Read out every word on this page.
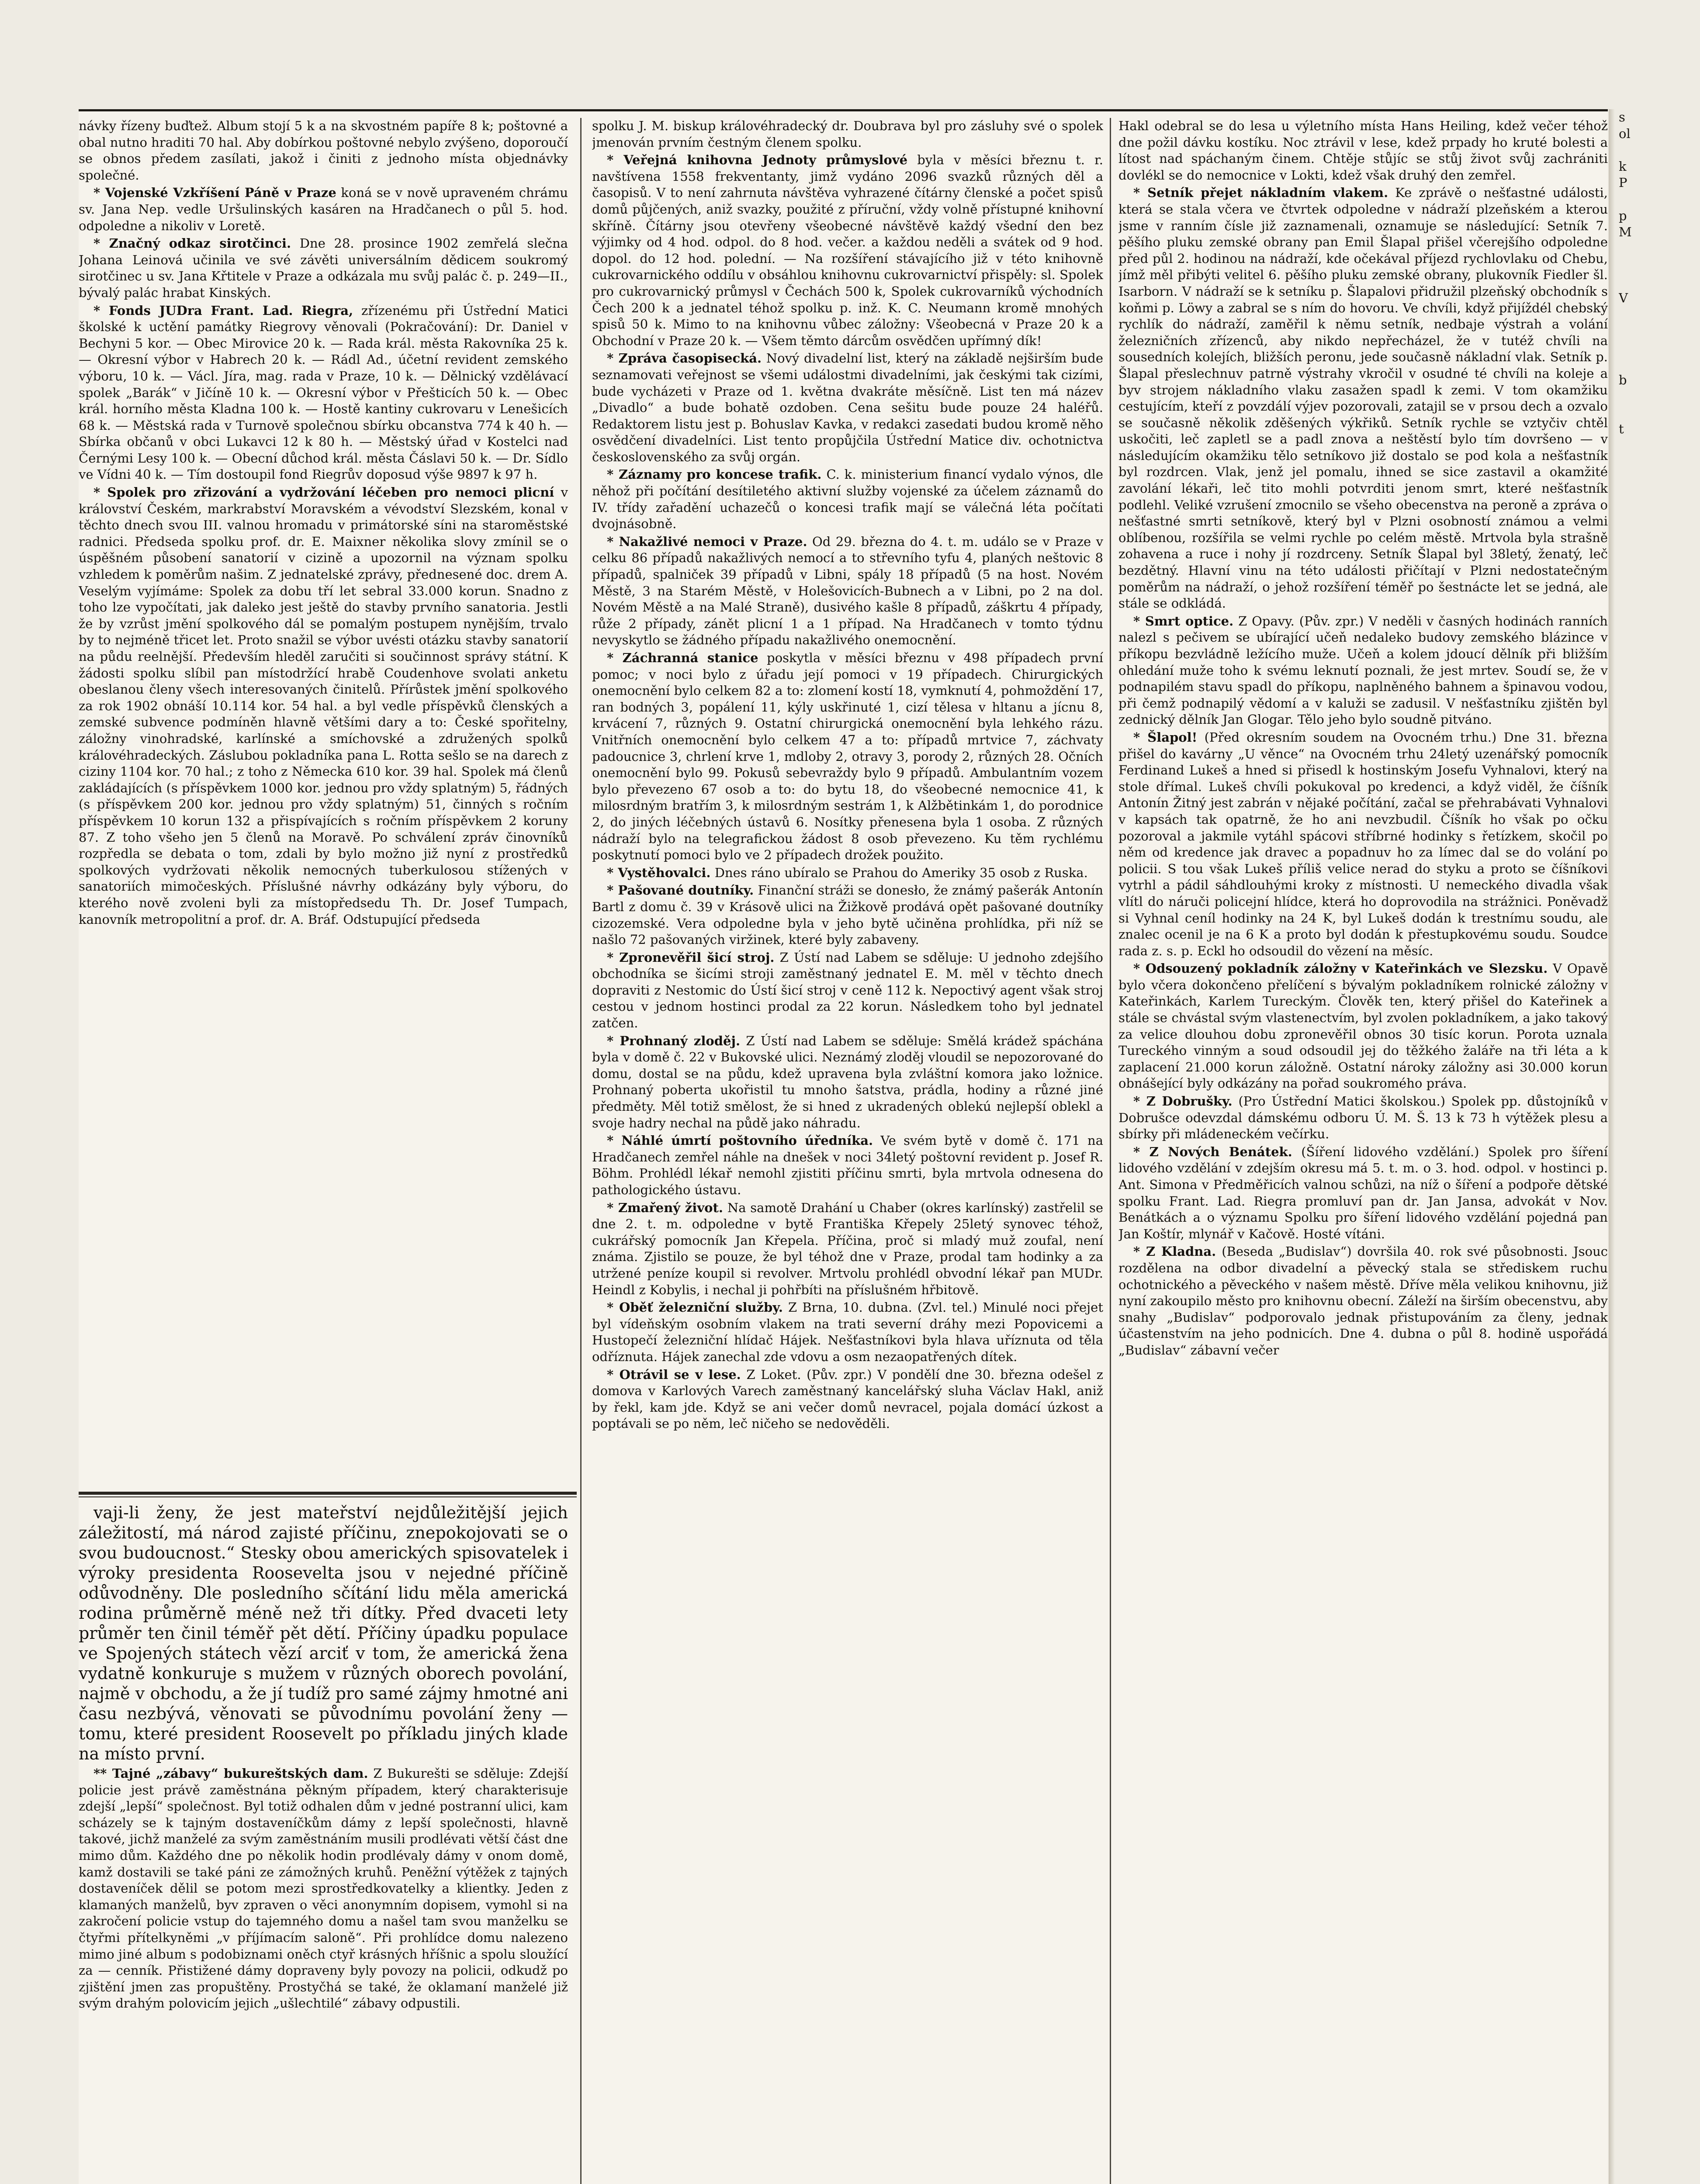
návky řízeny buďtež. Album stojí 5 k a na skvostném papíře 8 k; poštovné a obal nutno hraditi 70 hal. Aby dobírkou poštovné nebylo zvýšeno, doporoučí se obnos předem zasílati, jakož i činiti z jednoho místa objednávky společné.

* Vojenské Vzkříšení Páně v Praze koná se v nově upraveném chrámu sv. Jana Nep. vedle Uršulinských kasáren na Hradčanech o půl 5. hod. odpoledne a nikoliv v Loretě.

* Značný odkaz sirotčinci. Dne 28. prosince 1902 zemřelá slečna Johana Leinová učinila ve své závěti universálním dědicem soukromý sirotčinec u sv. Jana Křtitele v Praze a odkázala mu svůj palác č. p. 249—II., bývalý palác hrabat Kinských.

* Fonds JUDra Frant. Lad. Riegra, zřízenému při Ústřední Matici školské k uctění památky Riegrovy věnovali (Pokračování): Dr. Daniel v Bechyni 5 kor. — Obec Mirovice 20 k. — Rada král. města Rakovníka 25 k. — Okresní výbor v Habrech 20 k. — Rádl Ad., účetní revident zemského výboru, 10 k. — Václ. Jíra, mag. rada v Praze, 10 k. — Dělnický vzdělávací spolek „Barák“ v Jičíně 10 k. — Okresní výbor v Přešticích 50 k. — Obec král. horního města Kladna 100 k. — Hostě kantiny cukrovaru v Lenešicích 68 k. — Městská rada v Turnově společnou sbírku obcanstva 774 k 40 h. — Sbírka občanů v obci Lukavci 12 k 80 h. — Městský úřad v Kostelci nad Černými Lesy 100 k. — Obecní důchod král. města Čáslavi 50 k. — Dr. Sídlo ve Vídni 40 k. — Tím dostoupil fond Riegrův doposud výše 9897 k 97 h.

* Spolek pro zřizování a vydržování léčeben pro nemoci plicní v království Českém, markrabství Moravském a vévodství Slezském, konal v těchto dnech svou III. valnou hromadu v primátorské síni na staroměstské radnici. Předseda spolku prof. dr. E. Maixner několika slovy zmínil se o úspěšném působení sanatorií v cizině a upozornil na význam spolku vzhledem k poměrům našim. Z jednatelské zprávy, přednesené doc. drem A. Veselým vyjímáme: Spolek za dobu tří let sebral 33.000 korun. Snadno z toho lze vypočítati, jak daleko jest ještě do stavby prvního sanatoria. Jestli že by vzrůst jmění spolkového dál se pomalým postupem nynějším, trvalo by to nejméně třicet let. Proto snažil se výbor uvésti otázku stavby sanatorií na půdu reelnější. Především hleděl zaručiti si součinnost správy státní. K žádosti spolku slíbil pan místodržící hrabě Coudenhove svolati anketu obeslanou členy všech interesovaných činitelů. Přírůstek jmění spolkového za rok 1902 obnáší 10.114 kor. 54 hal. a byl vedle příspěvků členských a zemské subvence podmíněn hlavně většími dary a to: České spořitelny, záložny vinohradské, karlínské a smíchovské a združených spolků královéhradeckých. Záslubou pokladníka pana L. Rotta sešlo se na darech z ciziny 1104 kor. 70 hal.; z toho z Německa 610 kor. 39 hal. Spolek má členů zakládajících (s příspěvkem 1000 kor. jednou pro vždy splatným) 5, řádných (s příspěvkem 200 kor. jednou pro vždy splatným) 51, činných s ročním příspěvkem 10 korun 132 a přispívajících s ročním příspěvkem 2 koruny 87. Z toho všeho jen 5 členů na Moravě. Po schválení zpráv činovníků rozpředla se debata o tom, zdali by bylo možno již nyní z prostředků spolkových vydržovati několik nemocných tuberkulosou stížených v sanatoriích mimočeských. Příslušné návrhy odkázány byly výboru, do kterého nově zvoleni byli za místopředsedu Th. Dr. Josef Tumpach, kanovník metropolitní a prof. dr. A. Bráf. Odstupující předseda

vaji-li ženy, že jest mateřství nejdůležitější jejich záležitostí, má národ zajisté příčinu, znepokojovati se o svou budoucnost.“ Stesky obou amerických spisovatelek i výroky presidenta Roosevelta jsou v nejedné příčině odůvodněny. Dle posledního sčítání lidu měla americká rodina průměrně méně než tři dítky. Před dvaceti lety průměr ten činil téměř pět dětí. Příčiny úpadku populace ve Spojených státech vězí arciť v tom, že americká žena vydatně konkuruje s mužem v různých oborech povolání, najmě v obchodu, a že jí tudíž pro samé zájmy hmotné ani času nezbývá, věnovati se původnímu povolání ženy — tomu, které president Roosevelt po příkladu jiných klade na místo první.

** Tajné „zábavy“ bukureštských dam. Z Bukurešti se sděluje: Zdejší policie jest právě zaměstnána pěkným případem, který charakterisuje zdejší „lepší“ společnost. Byl totiž odhalen dům v jedné postranní ulici, kam scházely se k tajným dostaveníčkům dámy z lepší společnosti, hlavně takové, jichž manželé za svým zaměstnáním musili prodlévati větší část dne mimo dům. Každého dne po několik hodin prodlévaly dámy v onom domě, kamž dostavili se také páni ze zámožných kruhů. Peněžní výtěžek z tajných dostaveníček dělil se potom mezi sprostředkovatelky a klientky. Jeden z klamaných manželů, byv zpraven o věci anonymním dopisem, vymohl si na zakročení policie vstup do tajemného domu a našel tam svou manželku se čtyřmi přítelkyněmi „v příjímacím saloně“. Při prohlídce domu nalezeno mimo jiné album s podobiznami oněch ctyř krásných hříšnic a spolu sloužící za — cenník. Přistižené dámy dopraveny byly povozy na policii, odkudž po zjištění jmen zas propuštěny. Prostyčhá se také, že oklamaní manželé již svým drahým polovicím jejich „ušlechtilé“ zábavy odpustili.

spolku J. M. biskup královéhradecký dr. Doubrava byl pro zásluhy své o spolek jmenován prvním čestným členem spolku.

* Veřejná knihovna Jednoty průmyslové byla v měsíci březnu t. r. navštívena 1558 frekventanty, jimž vydáno 2096 svazků různých děl a časopisů. V to není zahrnuta návštěva vyhrazené čítárny členské a počet spisů domů půjčených, aniž svazky, použité z příruční, vždy volně přístupné knihovní skříně. Čítárny jsou otevřeny všeobecné návštěvě každý všední den bez výjimky od 4 hod. odpol. do 8 hod. večer. a každou neděli a svátek od 9 hod. dopol. do 12 hod. polední. — Na rozšíření stávajícího již v této knihovně cukrovarnického oddílu v obsáhlou knihovnu cukrovarnictví přispěly: sl. Spolek pro cukrovarnický průmysl v Čechách 500 k, Spolek cukrovarníků východních Čech 200 k a jednatel téhož spolku p. inž. K. C. Neumann kromě mnohých spisů 50 k. Mimo to na knihovnu vůbec záložny: Všeobecná v Praze 20 k a Obchodní v Praze 20 k. — Všem těmto dárcům osvědčen upřímný dík!

* Zpráva časopisecká. Nový divadelní list, který na základě nejširším bude seznamovati veřejnost se všemi událostmi divadelními, jak českými tak cizími, bude vycházeti v Praze od 1. května dvakráte měsíčně. List ten má název „Divadlo“ a bude bohatě ozdoben. Cena sešitu bude pouze 24 haléřů. Redaktorem listu jest p. Bohuslav Kavka, v redakci zasedati budou kromě něho osvědčení divadelníci. List tento propůjčila Ústřední Matice div. ochotnictva československého za svůj orgán.

* Záznamy pro koncese trafik. C. k. ministerium financí vydalo výnos, dle něhož při počítání desítiletého aktivní služby vojenské za účelem záznamů do IV. třídy zařadění uchazečů o koncesi trafik mají se válečná léta počítati dvojnásobně.

* Nakažlivé nemoci v Praze. Od 29. března do 4. t. m. událo se v Praze v celku 86 případů nakažlivých nemocí a to střevního tyfu 4, planých neštovic 8 případů, spalniček 39 případů v Libni, spály 18 případů (5 na host. Novém Městě, 3 na Starém Městě, v Holešovicích-Bubnech a v Libni, po 2 na dol. Novém Městě a na Malé Straně), dusivého kašle 8 případů, záškrtu 4 případy, růže 2 případy, zánět plicní 1 a 1 případ. Na Hradčanech v tomto týdnu nevyskytlo se žádného případu nakažlivého onemocnění.

* Záchranná stanice poskytla v měsíci březnu v 498 případech první pomoc; v noci bylo z úřadu její pomoci v 19 případech. Chirurgických onemocnění bylo celkem 82 a to: zlomení kostí 18, vymknutí 4, pohmoždění 17, ran bodných 3, popálení 11, kýly uskřinuté 1, cizí tělesa v hltanu a jícnu 8, krvácení 7, různých 9. Ostatní chirurgická onemocnění byla lehkého rázu. Vnitřních onemocnění bylo celkem 47 a to: případů mrtvice 7, záchvaty padoucnice 3, chrlení krve 1, mdloby 2, otravy 3, porody 2, různých 28. Očních onemocnění bylo 99. Pokusů sebevraždy bylo 9 případů. Ambulantním vozem bylo převezeno 67 osob a to: do bytu 18, do všeobecné nemocnice 41, k milosrdným bratřím 3, k milosrdným sestrám 1, k Alžbětinkám 1, do porodnice 2, do jiných léčebných ústavů 6. Nosítky přenesena byla 1 osoba. Z různých nádraží bylo na telegrafickou žádost 8 osob převezeno. Ku těm rychlému poskytnutí pomoci bylo ve 2 případech drožek použito.

* Vystěhovalci. Dnes ráno ubíralo se Prahou do Ameriky 35 osob z Ruska.

* Pašované doutníky. Finanční stráži se donesło, že známý pašerák Antonín Bartl z domu č. 39 v Krásově ulici na Žižkově prodává opět pašované doutníky cizozemské. Vera odpoledne byla v jeho bytě učiněna prohlídka, při níž se našlo 72 pašovaných viržinek, které byly zabaveny.

* Zpronevěřil šicí stroj. Z Ústí nad Labem se sděluje: U jednoho zdejšího obchodníka se šicími stroji zaměstnaný jednatel E. M. měl v těchto dnech dopraviti z Nestomic do Ústí šicí stroj v ceně 112 k. Nepoctivý agent však stroj cestou v jednom hostinci prodal za 22 korun. Následkem toho byl jednatel zatčen.

* Prohnaný zloděj. Z Ústí nad Labem se sděluje: Smělá krádež spáchána byla v domě č. 22 v Bukovské ulici. Neznámý zloděj vloudil se nepozorované do domu, dostal se na půdu, kdež upravena byla zvláštní komora jako ložnice. Prohnaný poberta ukořistil tu mnoho šatstva, prádla, hodiny a různé jiné předměty. Měl totiž smělost, že si hned z ukradených oblekú nejlepší oblekl a svoje hadry nechal na půdě jako náhradu.

* Náhlé úmrtí poštovního úředníka. Ve svém bytě v domě č. 171 na Hradčanech zemřel náhle na dnešek v noci 34letý poštovní revident p. Josef R. Böhm. Prohlédl lékař nemohl zjistiti příčinu smrti, byla mrtvola odnesena do pathologického ústavu.

* Zmařený život. Na samotě Drahání u Chaber (okres karlínský) zastřelil se dne 2. t. m. odpoledne v bytě Františka Křepely 25letý synovec téhož, cukrářský pomocník Jan Křepela. Příčina, proč si mladý muž zoufal, není známa. Zjistilo se pouze, že byl téhož dne v Praze, prodal tam hodinky a za utržené peníze koupil si revolver. Mrtvolu prohlédl obvodní lékař pan MUDr. Heindl z Kobylis, i nechal ji pohřbíti na příslušném hřbitově.

* Oběť železniční služby. Z Brna, 10. dubna. (Zvl. tel.) Minulé noci přejet byl vídeňským osobním vlakem na trati severní dráhy mezi Popovicemi a Hustopečí železniční hlídač Hájek. Nešťastníkovi byla hlava uříznuta od těla odříznuta. Hájek zanechal zde vdovu a osm nezaopatřených dítek.

* Otrávil se v lese. Z Loket. (Pův. zpr.) V pondělí dne 30. března odešel z domova v Karlových Varech zaměstnaný kancelářský sluha Václav Hakl, aniž by řekl, kam jde. Když se ani večer domů nevracel, pojala domácí úzkost a poptávali se po něm, leč ničeho se nedověděli.

Hakl odebral se do lesa u výletního místa Hans Heiling, kdež večer téhož dne požil dávku kostíku. Noc ztrávil v lese, kdež prpady ho kruté bolesti a lítost nad spáchaným činem. Chtěje stůjíc se stůj život svůj zachrániti dovlékl se do nemocnice v Lokti, kdež však druhý den zemřel.

* Setník přejet nákladním vlakem. Ke zprávě o nešťastné události, která se stala včera ve čtvrtek odpoledne v nádraží plzeňském a kterou jsme v ranním čísle již zaznamenali, oznamuje se následující: Setník 7. pěšího pluku zemské obrany pan Emil Šlapal přišel včerejšího odpoledne před půl 2. hodinou na nádraží, kde očekával příjezd rychlovlaku od Chebu, jímž měl přibýti velitel 6. pěšího pluku zemské obrany, plukovník Fiedler šl. Isarborn. V nádraží se k setníku p. Šlapalovi přidružil plzeňský obchodník s koňmi p. Löwy a zabral se s ním do hovoru. Ve chvíli, když přijíždél chebský rychlík do nádraží, zaměřil k němu setník, nedbaje výstrah a volání železničních zřízenců, aby nikdo nepřecházel, že v tutéž chvíli na sousedních kolejích, bližších peronu, jede současně nákladní vlak. Setník p. Šlapal přeslechnuv patrně výstrahy vkročil v osudné té chvíli na koleje a byv strojem nákladního vlaku zasažen spadl k zemi. V tom okamžiku cestujícím, kteří z povzdálí výjev pozorovali, zatajil se v prsou dech a ozvalo se současně několik zděšených výkřiků. Setník rychle se vztyčiv chtěl uskočiti, leč zapletl se a padl znova a neštěstí bylo tím dovršeno — v následujícím okamžiku tělo setníkovo již dostalo se pod kola a nešťastník byl rozdrcen. Vlak, jenž jel pomalu, ihned se sice zastavil a okamžité zavolání lékaři, leč tito mohli potvrditi jenom smrt, které nešťastník podlehl. Veliké vzrušení zmocnilo se všeho obecenstva na peroně a zpráva o nešťastné smrti setníkově, který byl v Plzni osobností známou a velmi oblíbenou, rozšířila se velmi rychle po celém městě. Mrtvola byla strašně zohavena a ruce i nohy jí rozdrceny. Setník Šlapal byl 38letý, ženatý, leč bezdětný. Hlavní vinu na této události přičítají v Plzni nedostatečným poměrům na nádraží, o jehož rozšíření téměř po šestnácte let se jedná, ale stále se odkládá.

* Smrt optice. Z Opavy. (Pův. zpr.) V neděli v časných hodinách ranních nalezl s pečivem se ubírající učeň nedaleko budovy zemského blázince v příkopu bezvládně ležícího muže. Učeň a kolem jdoucí dělník při bližším ohledání muže toho k svému leknutí poznali, že jest mrtev. Soudí se, že v podnapilém stavu spadl do příkopu, naplněného bahnem a špinavou vodou, při čemž podnapilý vědomí a v kaluži se zadusil. V nešťastníku zjištěn byl zednický dělník Jan Glogar. Tělo jeho bylo soudně pitváno.

* Šlapol! (Před okresním soudem na Ovocném trhu.) Dne 31. března přišel do kavárny „U věnce“ na Ovocném trhu 24letý uzenářský pomocník Ferdinand Lukeš a hned si přisedl k hostinským Josefu Vyhnalovi, který na stole dřímal. Lukeš chvíli pokukoval po kredenci, a když viděl, že číšník Antonín Žitný jest zabrán v nějaké počítání, začal se přehrabávati Vyhnalovi v kapsách tak opatrně, že ho ani nevzbudil. Číšník ho však po očku pozoroval a jakmile vytáhl spácovi stříbrné hodinky s řetízkem, skočil po něm od kredence jak dravec a popadnuv ho za límec dal se do volání po policii. S tou však Lukeš příliš velice nerad do styku a proto se číšníkovi vytrhl a pádil sáhdlouhými kroky z místnosti. U nemeckého divadla však vlítl do náruči policejní hlídce, která ho doprovodila na strážnici. Poněvadž si Vyhnal ceníl hodinky na 24 K, byl Lukeš dodán k trestnímu soudu, ale znalec ocenil je na 6 K a proto byl dodán k přestupkovému soudu. Soudce rada z. s. p. Eckl ho odsoudil do vězení na měsíc.

* Odsouzený pokladník záložny v Kateřinkách ve Slezsku. V Opavě bylo včera dokončeno přelíčení s bývalým pokladníkem rolnické záložny v Kateřinkách, Karlem Tureckým. Člověk ten, který přišel do Kateřinek a stále se chvástal svým vlastenectvím, byl zvolen pokladníkem, a jako takový za velice dlouhou dobu zpronevěřil obnos 30 tisíc korun. Porota uznala Tureckého vinným a soud odsoudil jej do těžkého žaláře na tři léta a k zaplacení 21.000 korun záložně. Ostatní nároky záložny asi 30.000 korun obnášející byly odkázány na pořad soukromého práva.

* Z Dobrušky. (Pro Ústřední Matici školskou.) Spolek pp. důstojníků v Dobrušce odevzdal dámskému odboru Ú. M. Š. 13 k 73 h výtěžek plesu a sbírky při mládeneckém večírku.

* Z Nových Benátek. (Šíření lidového vzdělání.) Spolek pro šíření lidového vzdělání v zdejším okresu má 5. t. m. o 3. hod. odpol. v hostinci p. Ant. Simona v Předměřicích valnou schůzi, na níž o šíření a podpoře dětské spolku Frant. Lad. Riegra promluví pan dr. Jan Jansa, advokát v Nov. Benátkách a o významu Spolku pro šíření lidového vzdělání pojedná pan Jan Koštír, mlynář v Kačově. Hosté vítáni.

* Z Kladna. (Beseda „Budislav“) dovršila 40. rok své působnosti. Jsouc rozdělena na odbor divadelní a pěvecký stala se střediskem ruchu ochotnického a pěveckého v našem městě. Dříve měla velikou knihovnu, již nyní zakoupilo město pro knihovnu obecní. Záleží na širším obecenstvu, aby snahy „Budislav“ podporovalo jednak přistupováním za členy, jednak účastenstvím na jeho podnicích. Dne 4. dubna o půl 8. hodině uspořádá „Budislav“ zábavní večer

s
ol

k
P

p
M

V

b

t
